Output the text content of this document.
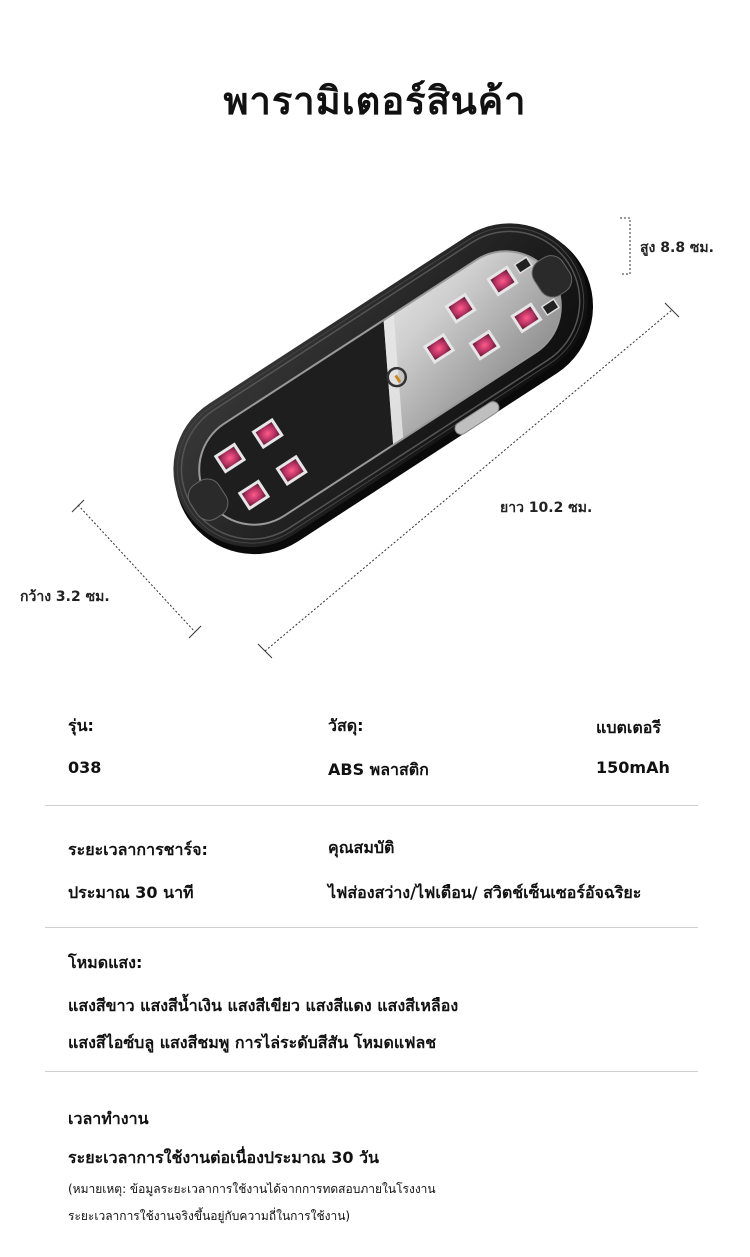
พารามิเตอร์สินค้า
สูง 8.8 ซม.
ยาว 10.2 ซม.
กว้าง 3.2 ซม.
รุ่น:
038
วัสดุ:
ABS พลาสติก
แบตเตอรี
150mAh
ระยะเวลาการชาร์จ:
ประมาณ 30 นาที
คุณสมบัติ
ไฟส่องสว่าง/ไฟเตือน/ สวิตช์เซ็นเซอร์อัจฉริยะ
โหมดแสง:
แสงสีขาว แสงสีน้ำเงิน แสงสีเขียว แสงสีแดง แสงสีเหลือง
แสงสีไอซ์บลู แสงสีชมพู การไล่ระดับสีสัน โหมดแฟลช
เวลาทำงาน
ระยะเวลาการใช้งานต่อเนื่องประมาณ 30 วัน
(หมายเหตุ: ข้อมูลระยะเวลาการใช้งานได้จากการทดสอบภายในโรงงาน
ระยะเวลาการใช้งานจริงขึ้นอยู่กับความถี่ในการใช้งาน)
